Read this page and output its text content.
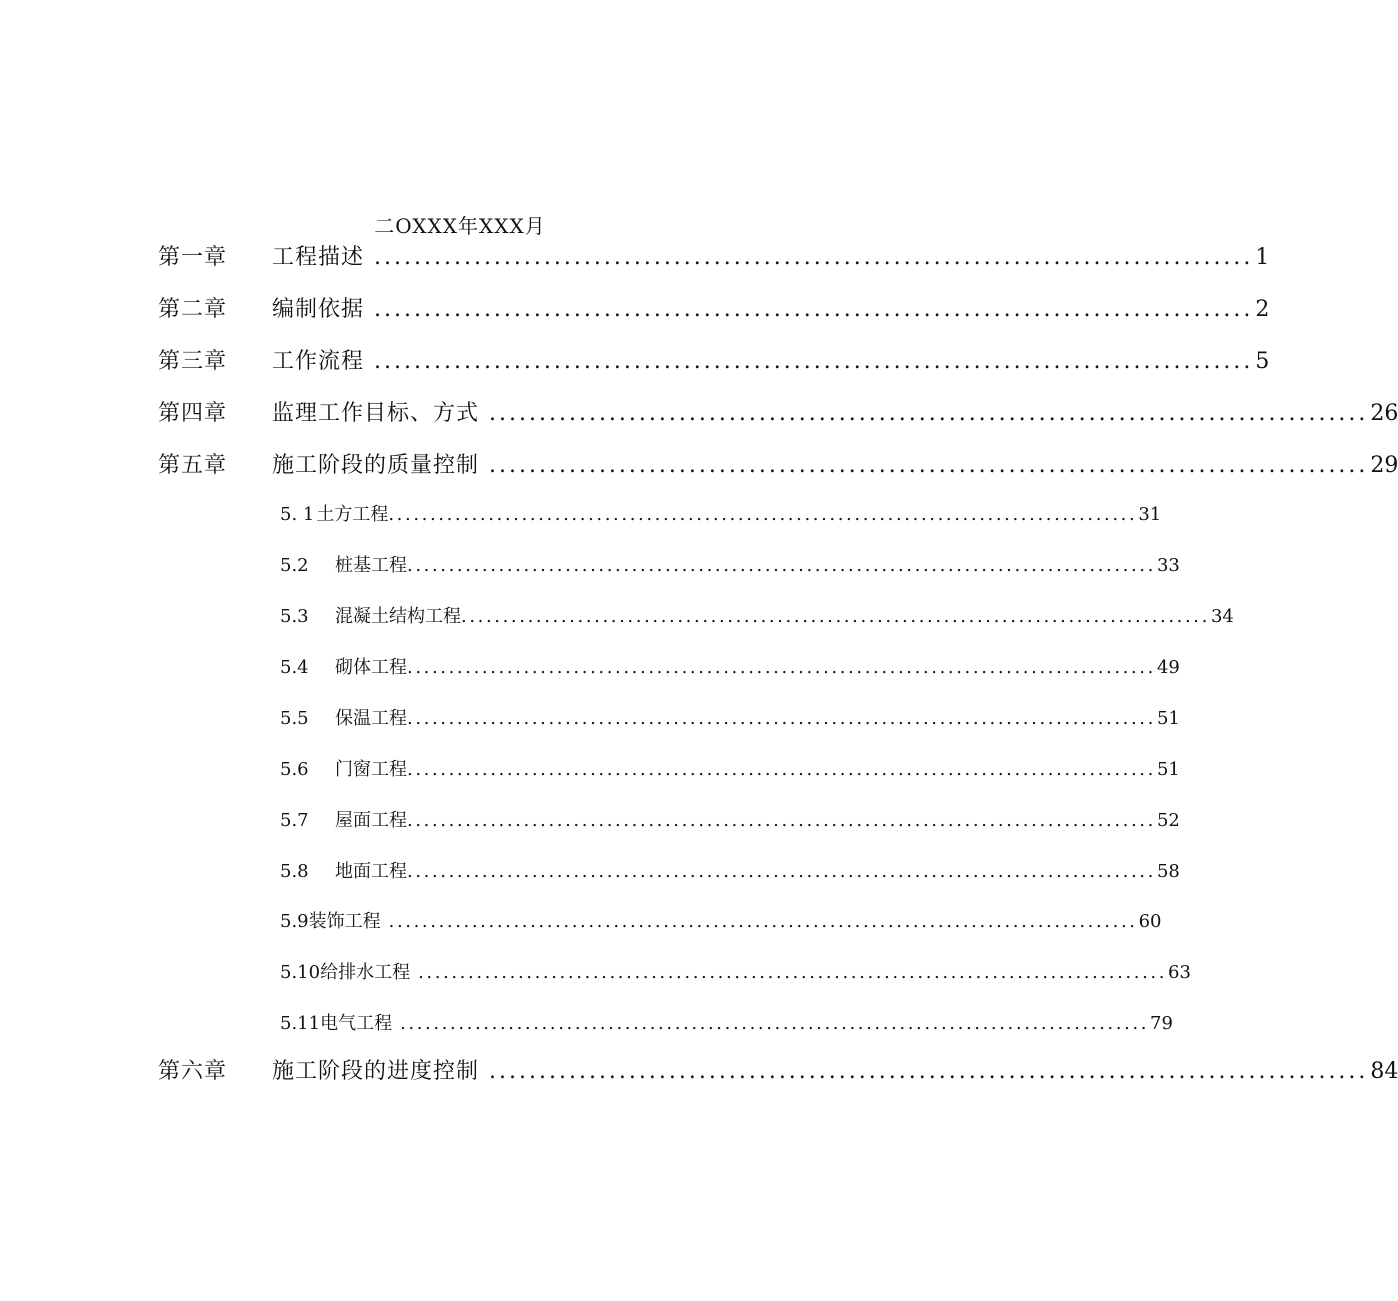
二OXXX年XXX月
第一章	工程描述 ........................................................................................ 1
第二章	编制依据 ........................................................................................ 2
第三章	工作流程 ........................................................................................ 5
第四章	监理工作目标、方式 ........................................................................................ 26
第五章	施工阶段的质量控制 ........................................................................................ 29
5. 1 土方工程 .......................................................................................... 31
5.2	桩基工程 .......................................................................................... 33
5.3	混凝土结构工程 .......................................................................................... 34
5.4	砌体工程 .......................................................................................... 49
5.5	保温工程 .......................................................................................... 51
5.6	门窗工程 .......................................................................................... 51
5.7	屋面工程 .......................................................................................... 52
5.8	地面工程 .......................................................................................... 58
5.9 装饰工程 .......................................................................................... 60
5.10 给排水工程 .......................................................................................... 63
5.11 电气工程 .......................................................................................... 79
第六章	施工阶段的进度控制 ........................................................................................ 84
